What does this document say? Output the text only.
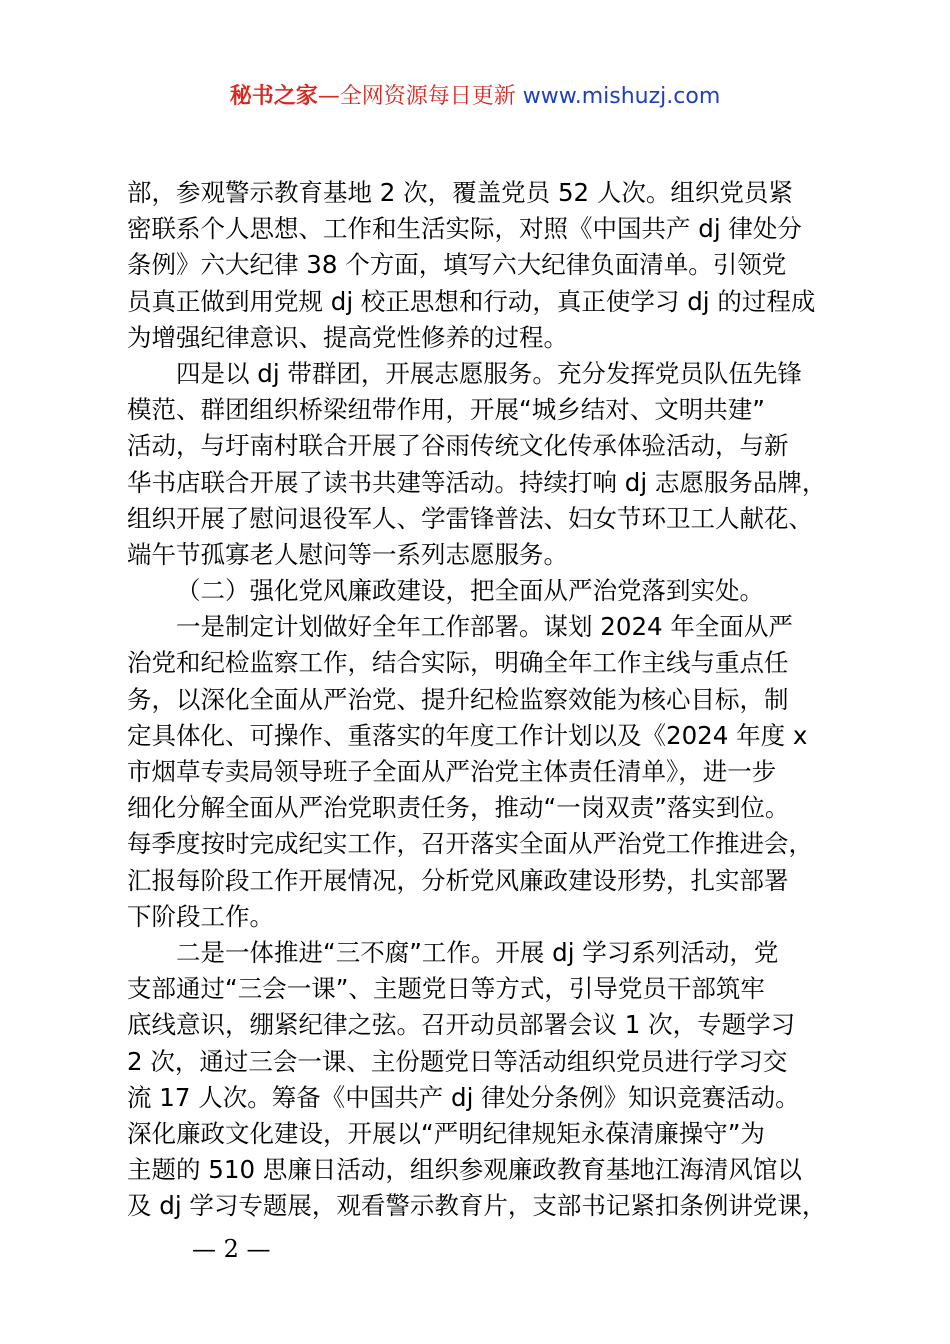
秘书之家—全网资源每日更新 www.mishuzj.com
部，参观警示教育基地 2 次，覆盖党员 52 人次。组织党员紧
密联系个人思想、工作和生活实际，对照《中国共产 dj 律处分
条例》六大纪律 38 个方面，填写六大纪律负面清单。引领党
员真正做到用党规 dj 校正思想和行动，真正使学习 dj 的过程成
为增强纪律意识、提高党性修养的过程。
四是以 dj 带群团，开展志愿服务。充分发挥党员队伍先锋
模范、群团组织桥梁纽带作用，开展“城乡结对、文明共建”
活动，与圩南村联合开展了谷雨传统文化传承体验活动，与新
华书店联合开展了读书共建等活动。持续打响 dj 志愿服务品牌，
组织开展了慰问退役军人、学雷锋普法、妇女节环卫工人献花、
端午节孤寡老人慰问等一系列志愿服务。
（二）强化党风廉政建设，把全面从严治党落到实处。
一是制定计划做好全年工作部署。谋划 2024 年全面从严
治党和纪检监察工作，结合实际，明确全年工作主线与重点任
务，以深化全面从严治党、提升纪检监察效能为核心目标，制
定具体化、可操作、重落实的年度工作计划以及《2024 年度 x
市烟草专卖局领导班子全面从严治党主体责任清单》，进一步
细化分解全面从严治党职责任务，推动“一岗双责”落实到位。
每季度按时完成纪实工作，召开落实全面从严治党工作推进会，
汇报每阶段工作开展情况，分析党风廉政建设形势，扎实部署
下阶段工作。
二是一体推进“三不腐”工作。开展 dj 学习系列活动，党
支部通过“三会一课”、主题党日等方式，引导党员干部筑牢
底线意识，绷紧纪律之弦。召开动员部署会议 1 次，专题学习
2 次，通过三会一课、主份题党日等活动组织党员进行学习交
流 17 人次。筹备《中国共产 dj 律处分条例》知识竞赛活动。
深化廉政文化建设，开展以“严明纪律规矩永葆清廉操守”为
主题的 510 思廉日活动，组织参观廉政教育基地江海清风馆以
及 dj 学习专题展，观看警示教育片，支部书记紧扣条例讲党课，
— 2 —
